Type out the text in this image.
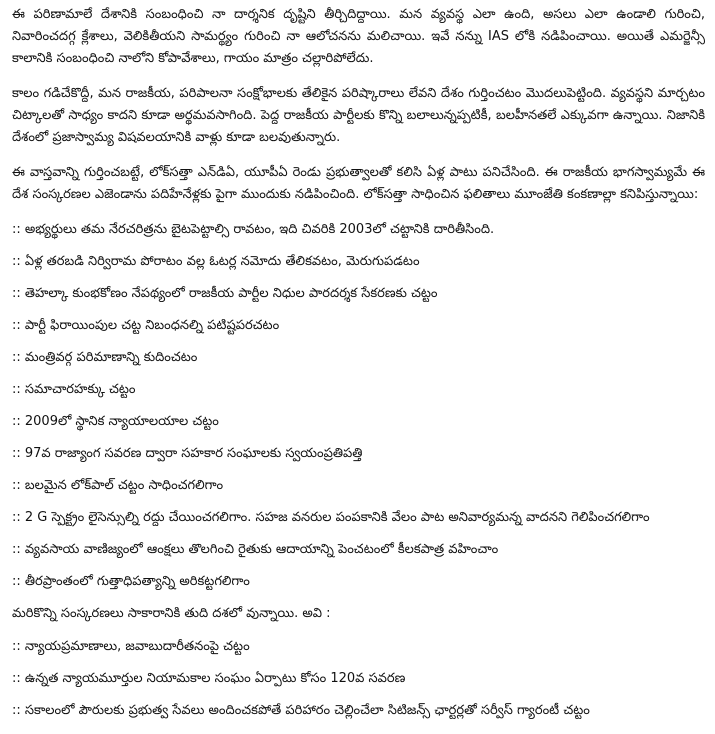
ఈ పరిణామాలే దేశానికి సంబంధించి నా దార్శనిక దృష్టిని తీర్చిదిద్దాయి. మన వ్యవస్థ ఎలా ఉంది, అసలు ఎలా ఉండాలి గురించి, నివారించదగ్గ క్లేశాలు, వెలికితీయని సామర్థ్యం గురించి నా ఆలోచనను మలిచాయి. ఇవే నన్ను IAS లోకి నడిపించాయి. అయితే ఎమర్జెన్సీ కాలానికి సంబంధించి నాలోని కోపావేశాలు, గాయం మాత్రం చల్లారిపోలేదు.

కాలం గడిచేకొద్దీ, మన రాజకీయ, పరిపాలనా సంక్షోభాలకు తేలికైన పరిష్కారాలు లేవని దేశం గుర్తించటం మొదలుపెట్టింది. వ్యవస్థని మార్చటం చిట్కాలతో సాధ్యం కాదని కూడా అర్థమవసాగింది. పెద్ద రాజకీయ పార్టీలకు కొన్ని బలాలున్నప్పటికీ, బలహీనతలే ఎక్కువగా ఉన్నాయి. నిజానికి దేశంలో ప్రజాస్వామ్య విషవలయానికి వాళ్లు కూడా బలవుతున్నారు.

ఈ వాస్తవాన్ని గుర్తించబట్టే, లోక్‌సత్తా ఎన్‌డిఏ, యూపీఏ రెండు ప్రభుత్వాలతో కలిసి ఏళ్ల పాటు పనిచేసింది. ఈ రాజకీయ భాగస్వామ్యమే ఈ దేశ సంస్కరణల ఎజెండాను పదిహేనేళ్లకు పైగా ముందుకు నడిపించింది. లోక్‌సత్తా సాధించిన ఫలితాలు మూంజేతి కంకణాల్లా కనిపిస్తున్నాయి:

:: అభ్యర్థులు తమ నేరచరిత్రను బైటపెట్టాల్సి రావటం, ఇది చివరికి 2003లో చట్టానికి దారితీసింది.

:: ఏళ్ల తరబడి నిర్విరామ పోరాటం వల్ల ఓటర్ల నమోదు తేలికవటం, మెరుగుపడటం

:: తెహల్కా కుంభకోణం నేపథ్యంలో రాజకీయ పార్టీల నిధుల పారదర్శక సేకరణకు చట్టం

:: పార్టీ ఫిరాయింపుల చట్ట నిబంధనల్ని పటిష్టపరచటం

:: మంత్రివర్గ పరిమాణాన్ని కుదించటం

:: సమాచారహక్కు చట్టం

:: 2009లో స్థానిక న్యాయాలయాల చట్టం

:: 97వ రాజ్యాంగ సవరణ ద్వారా సహకార సంఘాలకు స్వయంప్రతిపత్తి

:: బలమైన లోక్‌పాల్ చట్టం సాధించగలిగాం

:: 2 G స్పెక్ట్రం లైసెన్సుల్ని రద్దు చేయించగలిగాం. సహజ వనరుల పంపకానికి వేలం పాట అనివార్యమన్న వాదనని గెలిపించగలిగాం

:: వ్యవసాయ వాణిజ్యంలో ఆంక్షలు తొలగించి రైతుకు ఆదాయాన్ని పెంచటంలో కీలకపాత్ర వహించాం

:: తీరప్రాంతంలో గుత్తాధిపత్యాన్ని అరికట్టగలిగాం

మరికొన్ని సంస్కరణలు సాకారానికి తుది దశలో వున్నాయి. అవి :

:: న్యాయప్రమాణాలు, జవాబుదారీతనంపై చట్టం

:: ఉన్నత న్యాయమూర్తుల నియామకాల సంఘం ఏర్పాటు కోసం 120వ సవరణ

:: సకాలంలో పౌరులకు ప్రభుత్వ సేవలు అందించకపోతే పరిహారం చెల్లించేలా సిటిజన్స్ ఛార్టర్లతో సర్వీస్ గ్యారంటీ చట్టం
